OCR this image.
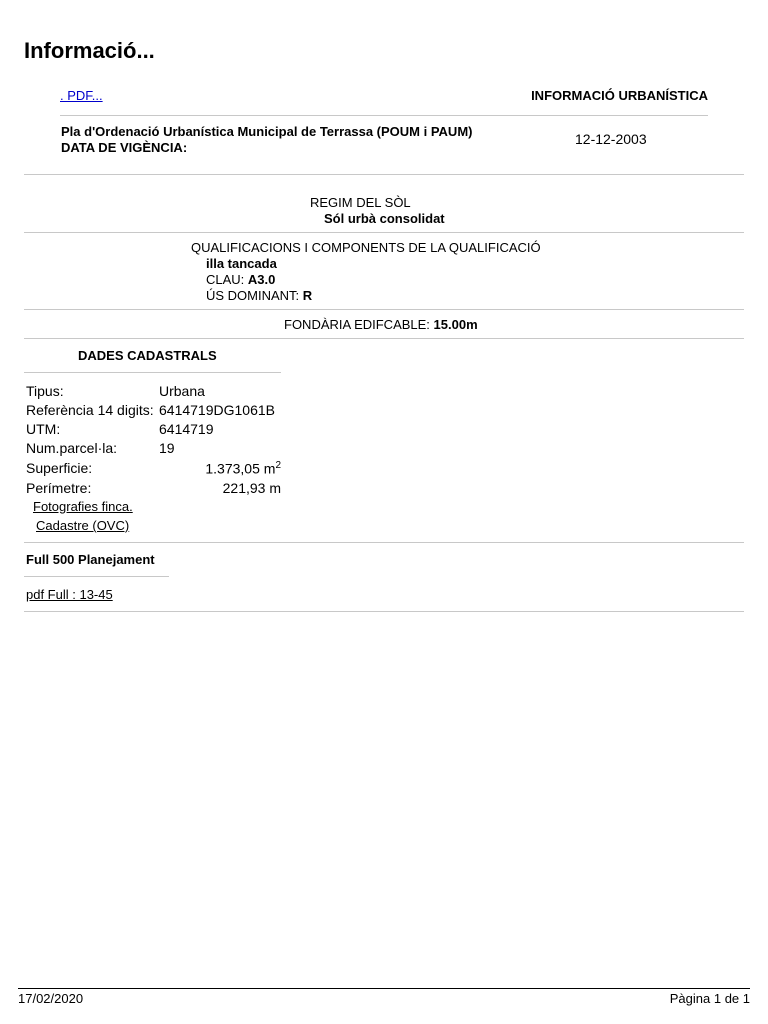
Informació...
. PDF...	INFORMACIÓ URBANÍSTICA
Pla d'Ordenació Urbanística Municipal de Terrassa (POUM i PAUM)
DATA DE VIGÈNCIA:
12-12-2003
REGIM DEL SÒL
Sól urbà consolidat
QUALIFICACIONS I COMPONENTS DE LA QUALIFICACIÓ
illa tancada
CLAU: A3.0
ÚS DOMINANT: R
FONDÀRIA EDIFCABLE: 15.00m
DADES CADASTRALS
Tipus:	Urbana
Referència 14 digits: 6414719DG1061B
UTM:	6414719
Num.parcel·la:	19
Superficie:	1.373,05 $m^2$
Perímetre:	221,93 m
Fotografies finca.
Cadastre (OVC)
Full 500 Planejament
pdf Full : 13-45
17/02/2020	Pàgina 1 de 1
